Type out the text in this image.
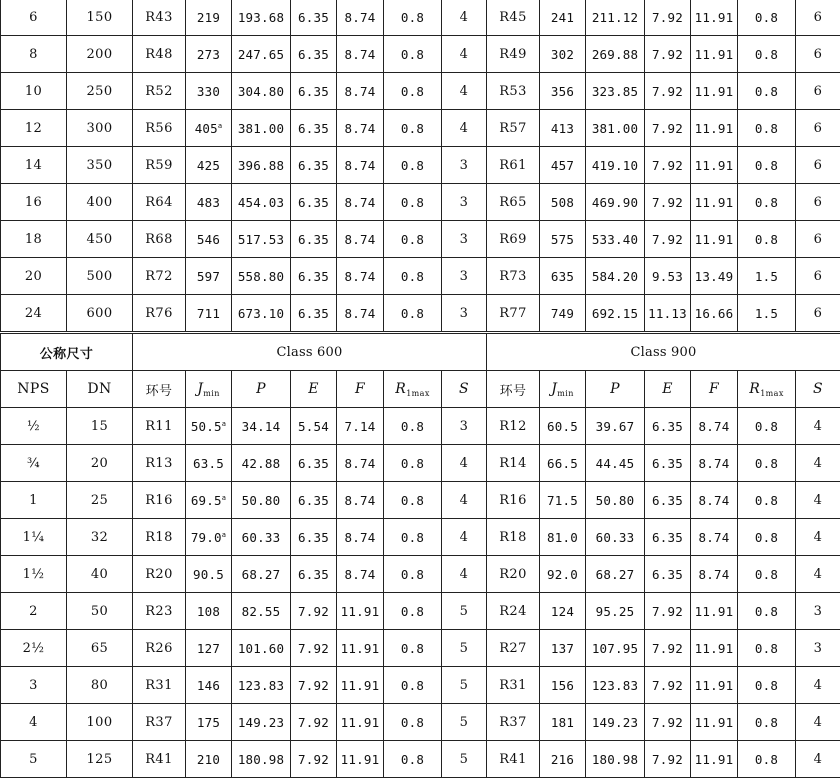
6	150	R43	219	193.68	6.35	8.74	0.8	4	R45	241	211.12	7.92	11.91	0.8	6
8	200	R48	273	247.65	6.35	8.74	0.8	4	R49	302	269.88	7.92	11.91	0.8	6
10	250	R52	330	304.80	6.35	8.74	0.8	4	R53	356	323.85	7.92	11.91	0.8	6
12	300	R56	405$^a$	381.00	6.35	8.74	0.8	4	R57	413	381.00	7.92	11.91	0.8	6
14	350	R59	425	396.88	6.35	8.74	0.8	3	R61	457	419.10	7.92	11.91	0.8	6
16	400	R64	483	454.03	6.35	8.74	0.8	3	R65	508	469.90	7.92	11.91	0.8	6
18	450	R68	546	517.53	6.35	8.74	0.8	3	R69	575	533.40	7.92	11.91	0.8	6
20	500	R72	597	558.80	6.35	8.74	0.8	3	R73	635	584.20	9.53	13.49	1.5	6
24	600	R76	711	673.10	6.35	8.74	0.8	3	R77	749	692.15	11.13	16.66	1.5	6
公称尺寸		Class 600							Class 900						
NPS	DN	环号	$J_{min}$	P	E	F	$R_{1max}$	S	环号	$J_{min}$	P	E	F	$R_{1max}$	S
½	15	R11	50.5$^a$	34.14	5.54	7.14	0.8	3	R12	60.5	39.67	6.35	8.74	0.8	4
¾	20	R13	63.5	42.88	6.35	8.74	0.8	4	R14	66.5	44.45	6.35	8.74	0.8	4
1	25	R16	69.5$^a$	50.80	6.35	8.74	0.8	4	R16	71.5	50.80	6.35	8.74	0.8	4
1¼	32	R18	79.0$^a$	60.33	6.35	8.74	0.8	4	R18	81.0	60.33	6.35	8.74	0.8	4
1½	40	R20	90.5	68.27	6.35	8.74	0.8	4	R20	92.0	68.27	6.35	8.74	0.8	4
2	50	R23	108	82.55	7.92	11.91	0.8	5	R24	124	95.25	7.92	11.91	0.8	3
2½	65	R26	127	101.60	7.92	11.91	0.8	5	R27	137	107.95	7.92	11.91	0.8	3
3	80	R31	146	123.83	7.92	11.91	0.8	5	R31	156	123.83	7.92	11.91	0.8	4
4	100	R37	175	149.23	7.92	11.91	0.8	5	R37	181	149.23	7.92	11.91	0.8	4
5	125	R41	210	180.98	7.92	11.91	0.8	5	R41	216	180.98	7.92	11.91	0.8	4
